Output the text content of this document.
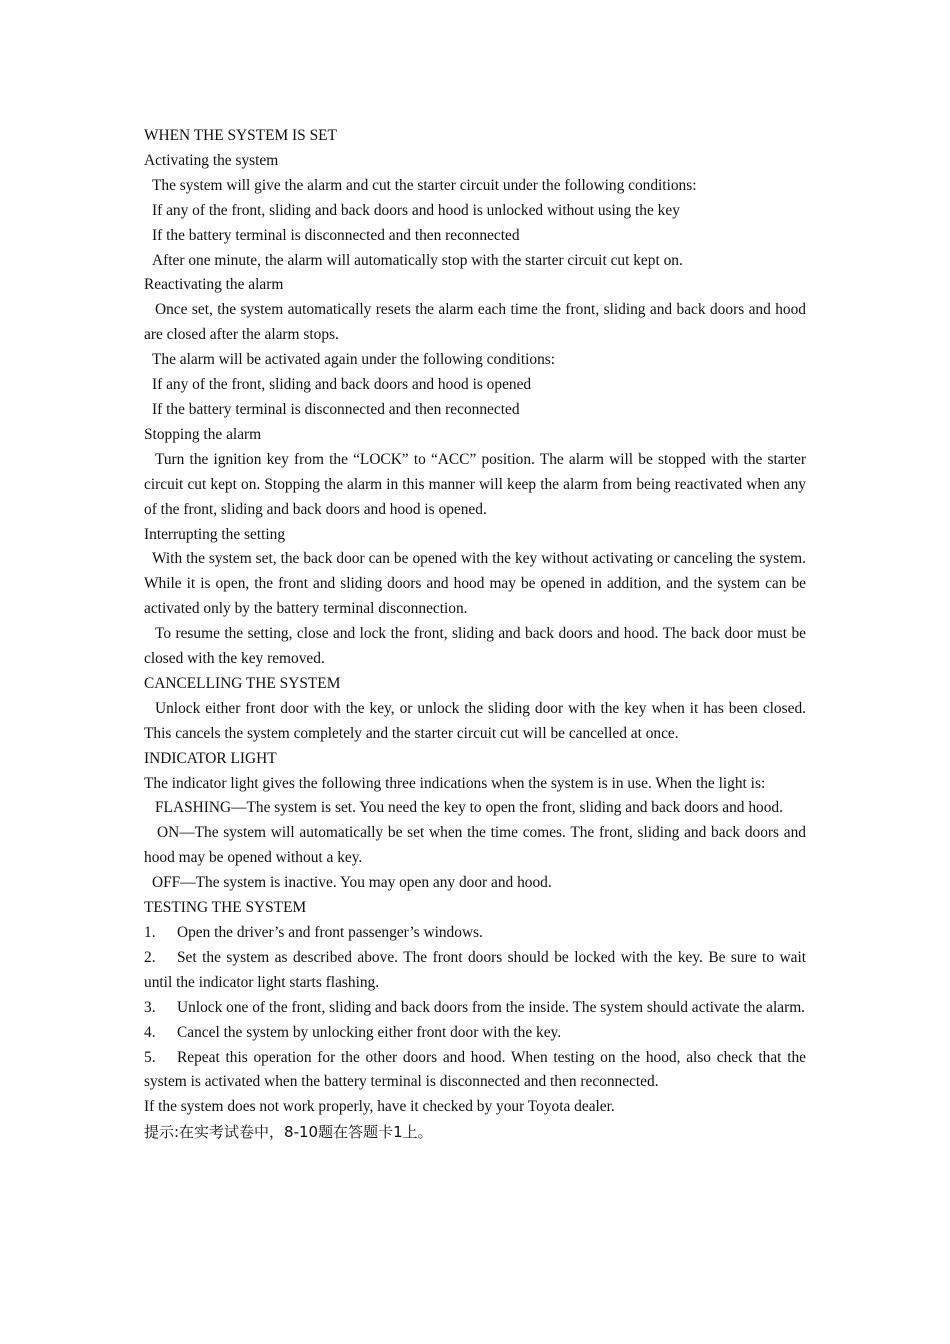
WHEN THE SYSTEM IS SET

Activating the system

The system will give the alarm and cut the starter circuit under the following conditions:

If any of the front, sliding and back doors and hood is unlocked without using the key

If the battery terminal is disconnected and then reconnected

After one minute, the alarm will automatically stop with the starter circuit cut kept on.

Reactivating the alarm

Once set, the system automatically resets the alarm each time the front, sliding and back doors and hood are closed after the alarm stops.

The alarm will be activated again under the following conditions:

If any of the front, sliding and back doors and hood is opened

If the battery terminal is disconnected and then reconnected

Stopping the alarm

Turn the ignition key from the “LOCK” to “ACC” position. The alarm will be stopped with the starter circuit cut kept on. Stopping the alarm in this manner will keep the alarm from being reactivated when any of the front, sliding and back doors and hood is opened.

Interrupting the setting

With the system set, the back door can be opened with the key without activating or canceling the system. While it is open, the front and sliding doors and hood may be opened in addition, and the system can be activated only by the battery terminal disconnection.

To resume the setting, close and lock the front, sliding and back doors and hood. The back door must be closed with the key removed.

CANCELLING THE SYSTEM

Unlock either front door with the key, or unlock the sliding door with the key when it has been closed. This cancels the system completely and the starter circuit cut will be cancelled at once.

INDICATOR LIGHT

The indicator light gives the following three indications when the system is in use. When the light is:

FLASHING—The system is set. You need the key to open the front, sliding and back doors and hood.

ON—The system will automatically be set when the time comes. The front, sliding and back doors and hood may be opened without a key.

OFF—The system is inactive. You may open any door and hood.

TESTING THE SYSTEM

1. Open the driver’s and front passenger’s windows.

2. Set the system as described above. The front doors should be locked with the key. Be sure to wait until the indicator light starts flashing.

3. Unlock one of the front, sliding and back doors from the inside. The system should activate the alarm.

4. Cancel the system by unlocking either front door with the key.

5. Repeat this operation for the other doors and hood. When testing on the hood, also check that the system is activated when the battery terminal is disconnected and then reconnected.

If the system does not work properly, have it checked by your Toyota dealer.

提示:在实考试卷中，8-10题在答题卡1上。
